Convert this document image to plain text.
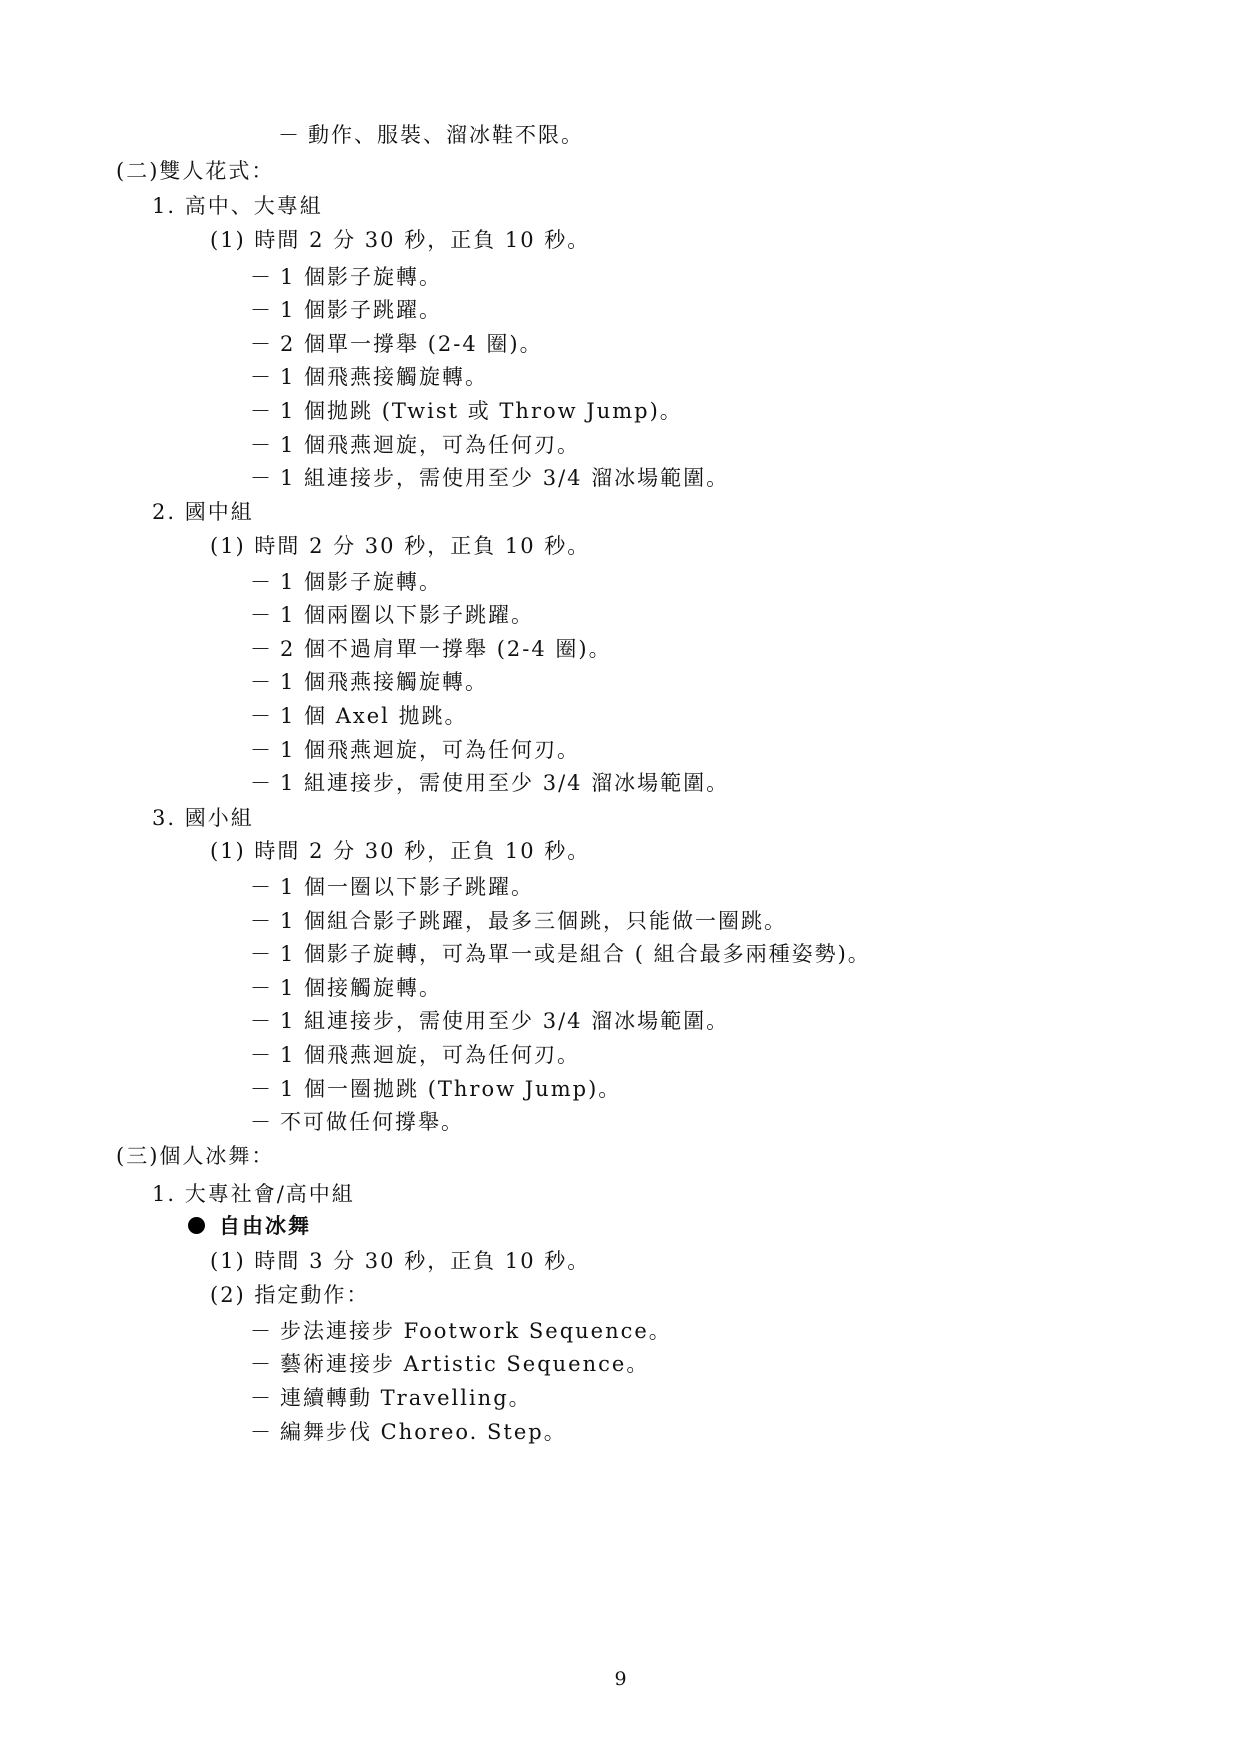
－ 動作、服裝、溜冰鞋不限。
(二)雙人花式：
1. 高中、大專組
(1) 時間 2 分 30 秒，正負 10 秒。
－ 1 個影子旋轉。
－ 1 個影子跳躍。
－ 2 個單一撐舉 (2-4 圈)。
－ 1 個飛燕接觸旋轉。
－ 1 個拋跳 (Twist 或 Throw Jump)。
－ 1 個飛燕迴旋，可為任何刃。
－ 1 組連接步，需使用至少 3/4 溜冰場範圍。
2. 國中組
(1) 時間 2 分 30 秒，正負 10 秒。
－ 1 個影子旋轉。
－ 1 個兩圈以下影子跳躍。
－ 2 個不過肩單一撐舉 (2-4 圈)。
－ 1 個飛燕接觸旋轉。
－ 1 個 Axel 拋跳。
－ 1 個飛燕迴旋，可為任何刃。
－ 1 組連接步，需使用至少 3/4 溜冰場範圍。
3. 國小組
(1) 時間 2 分 30 秒，正負 10 秒。
－ 1 個一圈以下影子跳躍。
－ 1 個組合影子跳躍，最多三個跳，只能做一圈跳。
－ 1 個影子旋轉，可為單一或是組合 ( 組合最多兩種姿勢)。
－ 1 個接觸旋轉。
－ 1 組連接步，需使用至少 3/4 溜冰場範圍。
－ 1 個飛燕迴旋，可為任何刃。
－ 1 個一圈拋跳 (Throw Jump)。
－ 不可做任何撐舉。
(三)個人冰舞：
1. 大專社會/高中組
自由冰舞
(1) 時間 3 分 30 秒，正負 10 秒。
(2) 指定動作：
－ 步法連接步 Footwork Sequence。
－ 藝術連接步 Artistic Sequence。
－ 連續轉動 Travelling。
－ 編舞步伐 Choreo. Step。
9
